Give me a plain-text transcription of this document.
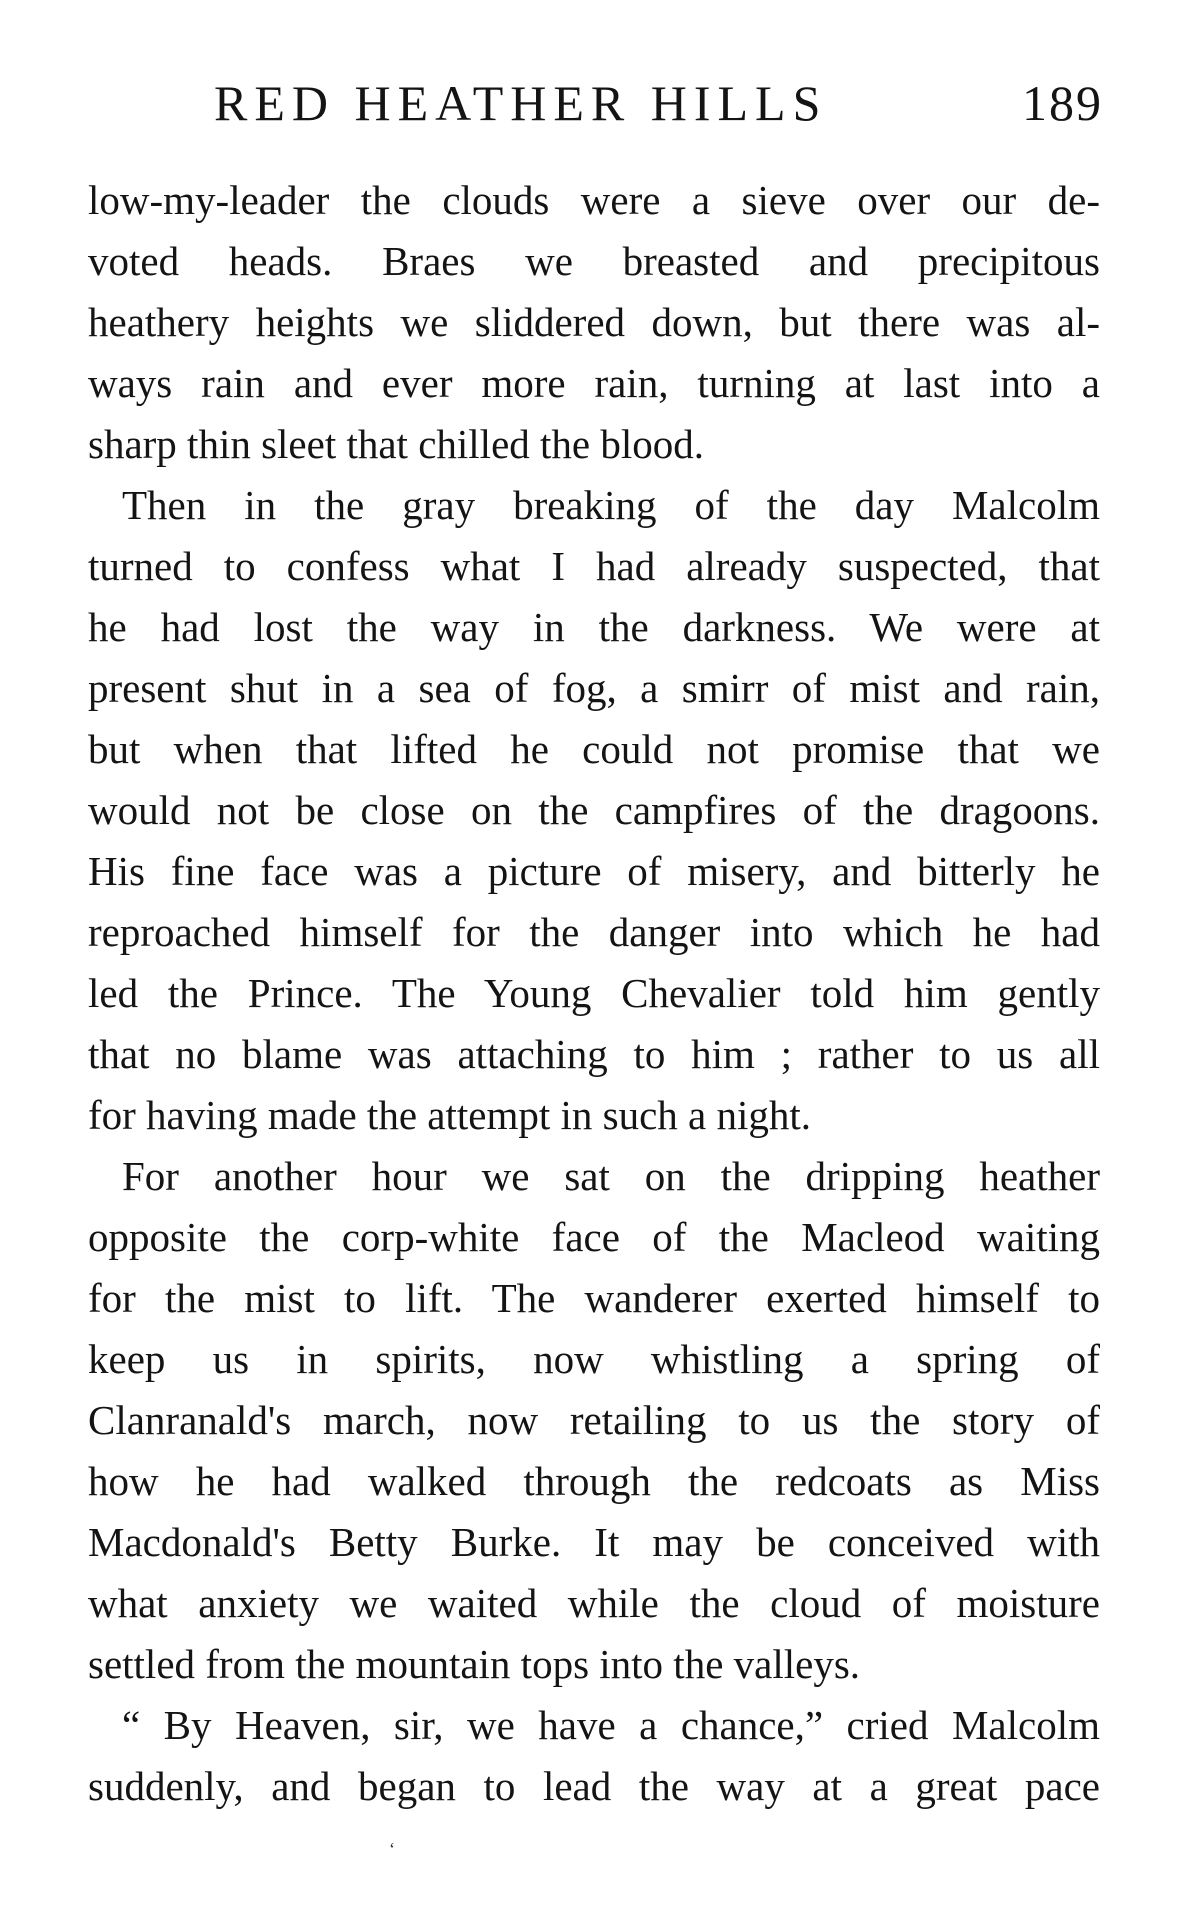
RED HEATHER HILLS	189
low-my-leader the clouds were a sieve over our de-
voted heads. Braes we breasted and precipitous
heathery heights we sliddered down, but there was al-
ways rain and ever more rain, turning at last into a
sharp thin sleet that chilled the blood.
Then in the gray breaking of the day Malcolm
turned to confess what I had already suspected, that
he had lost the way in the darkness. We were at
present shut in a sea of fog, a smirr of mist and rain,
but when that lifted he could not promise that we
would not be close on the campfires of the dragoons.
His fine face was a picture of misery, and bitterly he
reproached himself for the danger into which he had
led the Prince. The Young Chevalier told him gently
that no blame was attaching to him ; rather to us all
for having made the attempt in such a night.
For another hour we sat on the dripping heather
opposite the corp-white face of the Macleod waiting
for the mist to lift. The wanderer exerted himself to
keep us in spirits, now whistling a spring of
Clanranald's march, now retailing to us the story of
how he had walked through the redcoats as Miss
Macdonald's Betty Burke. It may be conceived with
what anxiety we waited while the cloud of moisture
settled from the mountain tops into the valleys.
“ By Heaven, sir, we have a chance,” cried Malcolm
suddenly, and began to lead the way at a great pace
‘
